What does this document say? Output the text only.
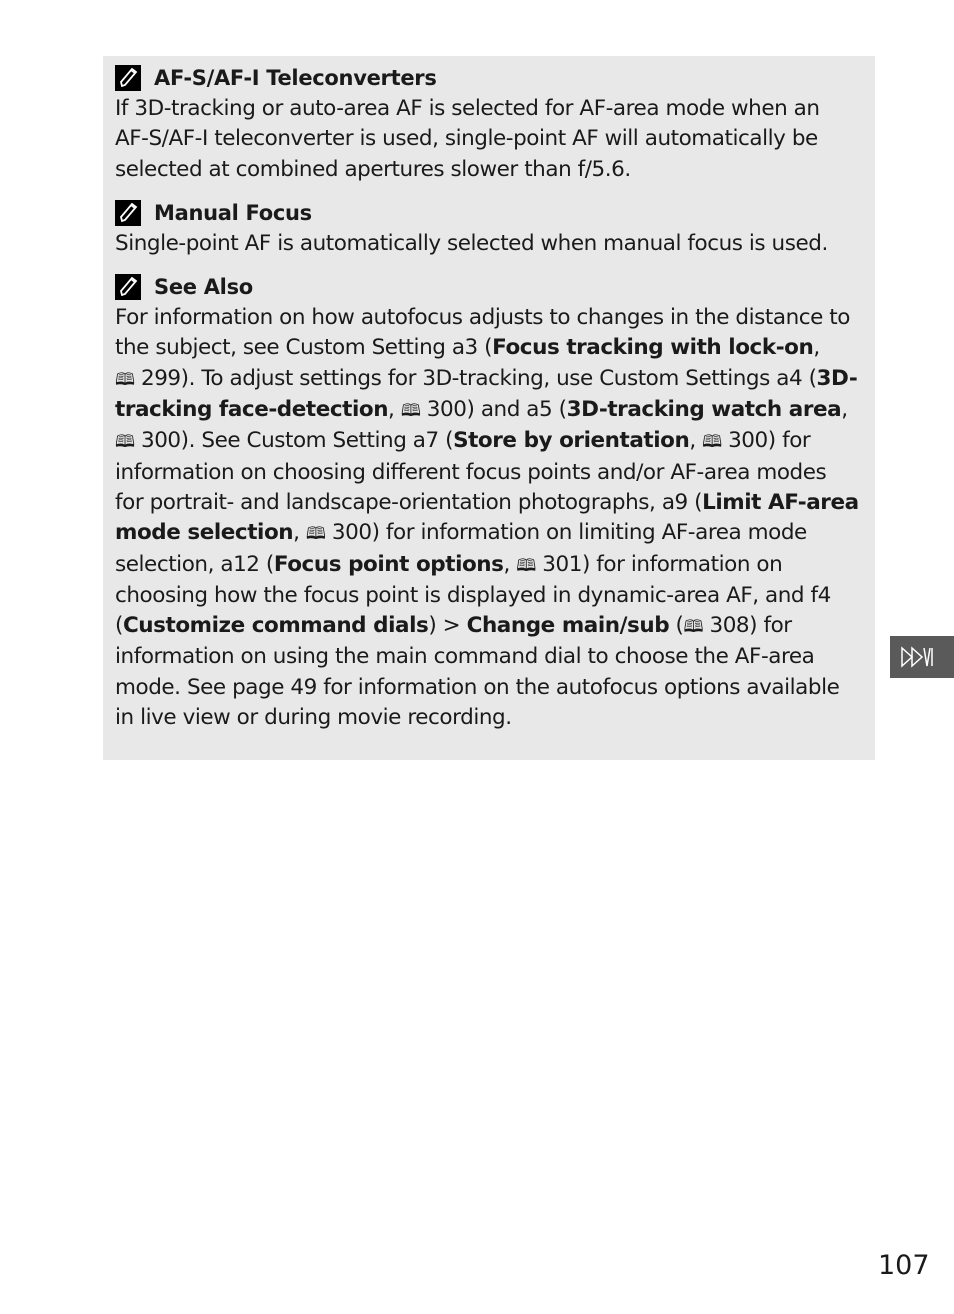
AF-S/AF-I Teleconverters
If 3D-tracking or auto-area AF is selected for AF-area mode when an
AF-S/AF-I teleconverter is used, single-point AF will automatically be
selected at combined apertures slower than f/5.6.
Manual Focus
Single-point AF is automatically selected when manual focus is used.
See Also
For information on how autofocus adjusts to changes in the distance to
the subject, see Custom Setting a3 (Focus tracking with lock-on,
🕮 299). To adjust settings for 3D-tracking, use Custom Settings a4 (3D-
tracking face-detection, 🕮 300) and a5 (3D-tracking watch area,
🕮 300). See Custom Setting a7 (Store by orientation, 🕮 300) for
information on choosing different focus points and/or AF-area modes
for portrait- and landscape-orientation photographs, a9 (Limit AF-area
mode selection, 🕮 300) for information on limiting AF-area mode
selection, a12 (Focus point options, 🕮 301) for information on
choosing how the focus point is displayed in dynamic-area AF, and f4
(Customize command dials) > Change main/sub (🕮 308) for
information on using the main command dial to choose the AF-area
mode. See page 49 for information on the autofocus options available
in live view or during movie recording.
107
